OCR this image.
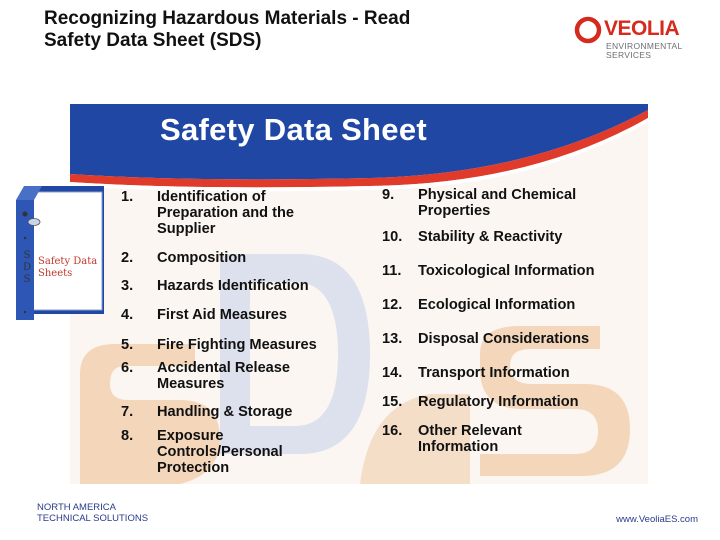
Recognizing Hazardous Materials - Read
Safety Data Sheet (SDS)
VEOLIA
ENVIRONMENTAL
SERVICES
Safety Data Sheet
S
D
S
Safety Data
Sheets
1. Identification of Preparation and the Supplier
2. Composition
3. Hazards Identification
4. First Aid Measures
5. Fire Fighting Measures
6. Accidental Release Measures
7. Handling & Storage
8. Exposure Controls/Personal Protection
9. Physical and Chemical Properties
10. Stability & Reactivity
11. Toxicological Information
12. Ecological Information
13. Disposal Considerations
14. Transport Information
15. Regulatory Information
16. Other Relevant Information
NORTH AMERICA
TECHNICAL SOLUTIONS	www.VeoliaES.com
